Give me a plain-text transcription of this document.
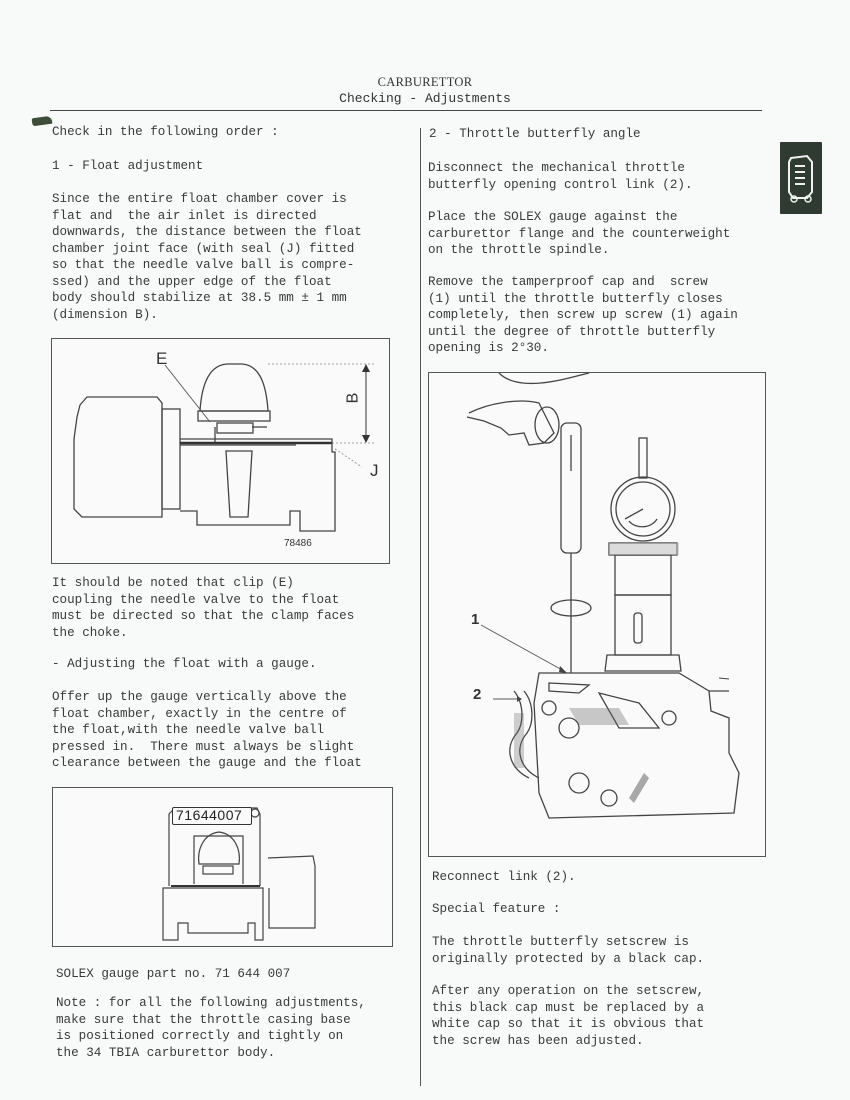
CARBURETTOR
Checking - Adjustments

Check in the following order :

1 - Float adjustment

Since the entire float chamber cover is
flat and  the air inlet is directed
downwards, the distance between the float
chamber joint face (with seal (J) fitted
so that the needle valve ball is compre-
ssed) and the upper edge of the float
body should stabilize at 38.5 mm ± 1 mm
(dimension B).

E
B
J
78486

It should be noted that clip (E)
coupling the needle valve to the float
must be directed so that the clamp faces
the choke.

- Adjusting the float with a gauge.

Offer up the gauge vertically above the
float chamber, exactly in the centre of
the float,with the needle valve ball
pressed in.  There must always be slight
clearance between the gauge and the float

71644007

SOLEX gauge part no. 71 644 007

Note : for all the following adjustments,
make sure that the throttle casing base
is positioned correctly and tightly on
the 34 TBIA carburettor body.

2 - Throttle butterfly angle

Disconnect the mechanical throttle
butterfly opening control link (2).

Place the SOLEX gauge against the
carburettor flange and the counterweight
on the throttle spindle.

Remove the tamperproof cap and  screw
(1) until the throttle butterfly closes
completely, then screw up screw (1) again
until the degree of throttle butterfly
opening is 2°30.

1
2

Reconnect link (2).

Special feature :

The throttle butterfly setscrew is
originally protected by a black cap.

After any operation on the setscrew,
this black cap must be replaced by a
white cap so that it is obvious that
the screw has been adjusted.
